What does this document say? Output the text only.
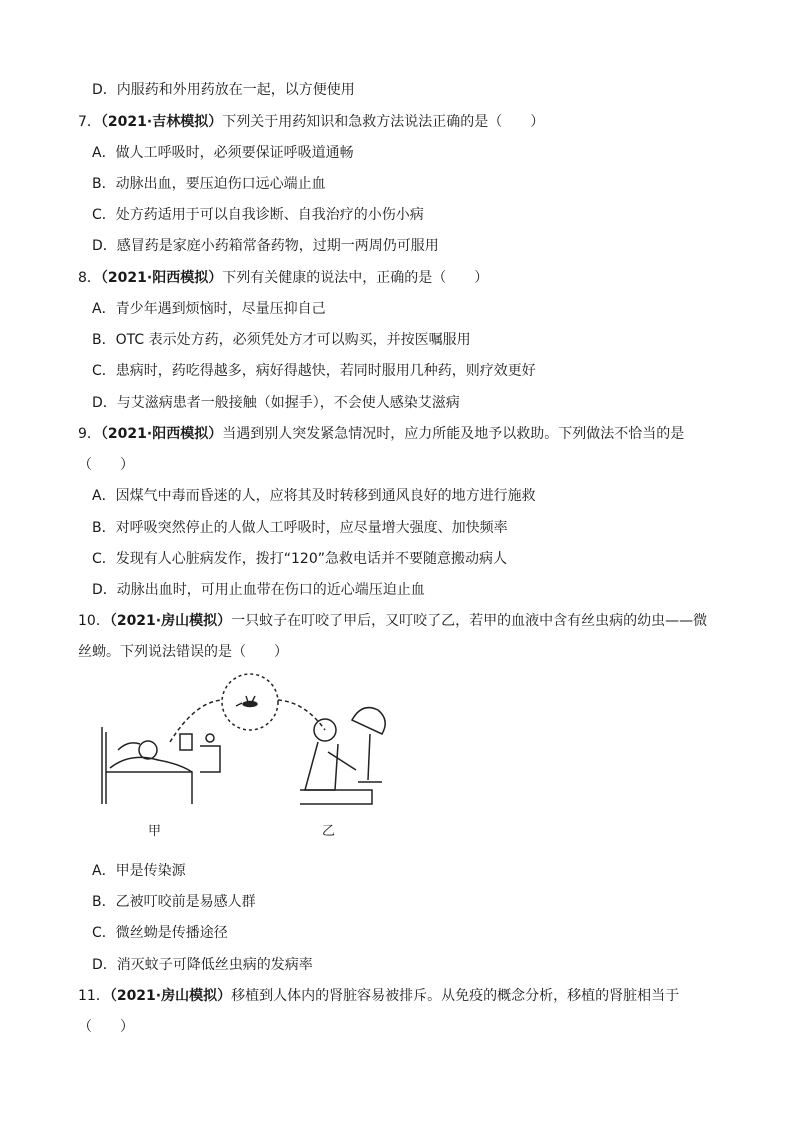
D．内服药和外用药放在一起，以方便使用
7．（2021·吉林模拟）下列关于用药知识和急救方法说法正确的是（　　）
A．做人工呼吸时，必须要保证呼吸道通畅
B．动脉出血，要压迫伤口远心端止血
C．处方药适用于可以自我诊断、自我治疗的小伤小病
D．感冒药是家庭小药箱常备药物，过期一两周仍可服用
8．（2021·阳西模拟）下列有关健康的说法中，正确的是（　　）
A．青少年遇到烦恼时，尽量压抑自己
B．OTC 表示处方药，必须凭处方才可以购买，并按医嘱服用
C．患病时，药吃得越多，病好得越快，若同时服用几种药，则疗效更好
D．与艾滋病患者一般接触（如握手），不会使人感染艾滋病
9．（2021·阳西模拟）当遇到别人突发紧急情况时，应力所能及地予以救助。下列做法不恰当的是
（　　）
A．因煤气中毒而昏迷的人，应将其及时转移到通风良好的地方进行施救
B．对呼吸突然停止的人做人工呼吸时，应尽量增大强度、加快频率
C．发现有人心脏病发作，拨打“120”急救电话并不要随意搬动病人
D．动脉出血时，可用止血带在伤口的近心端压迫止血
10．（2021·房山模拟）一只蚊子在叮咬了甲后，又叮咬了乙，若甲的血液中含有丝虫病的幼虫——微
丝蚴。下列说法错误的是（　　）
甲	乙
A．甲是传染源
B．乙被叮咬前是易感人群
C．微丝蚴是传播途径
D．消灭蚊子可降低丝虫病的发病率
11．（2021·房山模拟）移植到人体内的肾脏容易被排斥。从免疫的概念分析，移植的肾脏相当于
（　　）
